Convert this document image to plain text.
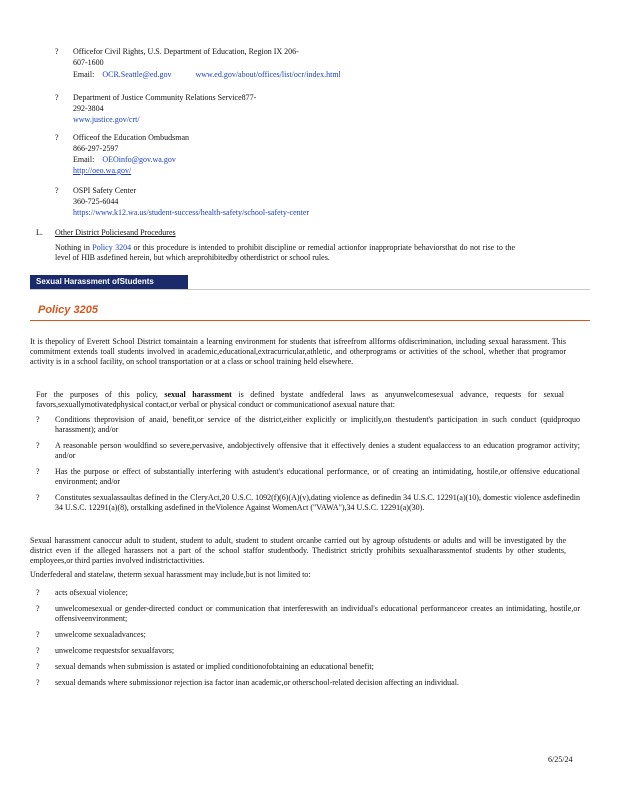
?	Officefor Civil Rights, U.S. Department of Education, Region IX 206-
607-1600
Email: OCR.Seattle@ed.gov	www.ed.gov/about/offices/list/ocr/index.html
?	Department of Justice Community Relations Service877-
292-3804
www.justice.gov/crt/
?	Officeof the Education Ombudsman
866-297-2597
Email: OEOinfo@gov.wa.gov
http://oeo.wa.gov/
?	OSPI Safety Center
360-725-6044
https://www.k12.wa.us/student-success/health-safety/school-safety-center
L. Other District Policiesand Procedures
Nothing in Policy 3204 or this procedure is intended to prohibit discipline or remedial actionfor inappropriate behaviorsthat do not rise to the level of HIB asdefined herein, but which areprohibitedby otherdistrict or school rules.
Sexual Harassment ofStudents
Policy 3205
It is thepolicy of Everett School District tomaintain a learning environment for students that isfreefrom allforms ofdiscrimination, including sexual harassment. This commitment extends toall students involved in academic,educational,extracurricular,athletic, and otherprograms or activities of the school, whether that programor activity is in a school facility, on school transportation or at a class or school training held elsewhere.
For the purposes of this policy, sexual harassment is defined bystate andfederal laws as anyunwelcomesexual advance, requests for sexual favors,sexuallymotivatedphysical contact,or verbal or physical conduct or communicationof asexual nature that:
?	Conditions theprovision of anaid, benefit,or service of the district,either explicitly or implicitly,on thestudent's participation in such conduct (quidproquo harassment); and/or
?	A reasonable person wouldfind so severe,pervasive, andobjectively offensive that it effectively denies a student equalaccess to an education programor activity; and/or
?	Has the purpose or effect of substantially interfering with astudent's educational performance, or of creating an intimidating, hostile,or offensive educational environment; and/or
?	Constitutes sexualassaultas defined in the CleryAct,20 U.S.C. 1092(f)(6)(A)(v),dating violence as definedin 34 U.S.C. 12291(a)(10), domestic violence asdefinedin 34 U.S.C. 12291(a)(8), orstalking asdefined in theViolence Against WomenAct ("VAWA"),34 U.S.C. 12291(a)(30).
Sexual harassment canoccur adult to student, student to adult, student to student orcanbe carried out by agroup ofstudents or adults and will be investigated by the district even if the alleged harassers not a part of the school staffor studentbody. Thedistrict strictly prohibits sexualharassmentof students by other students, employees,or third parties involved indistrictactivities.
Underfederal and statelaw, theterm sexual harassment may include,but is not limited to:
?	acts ofsexual violence;
?	unwelcomesexual or gender-directed conduct or communication that interfereswith an individual's educational performanceor creates an intimidating, hostile,or offensiveenvironment;
?	unwelcome sexualadvances;
?	unwelcome requestsfor sexualfavors;
?	sexual demands when submission is astated or implied conditionofobtaining an educational benefit;
?	sexual demands where submissionor rejection isa factor inan academic,or otherschool-related decision affecting an individual.
6/25/24
